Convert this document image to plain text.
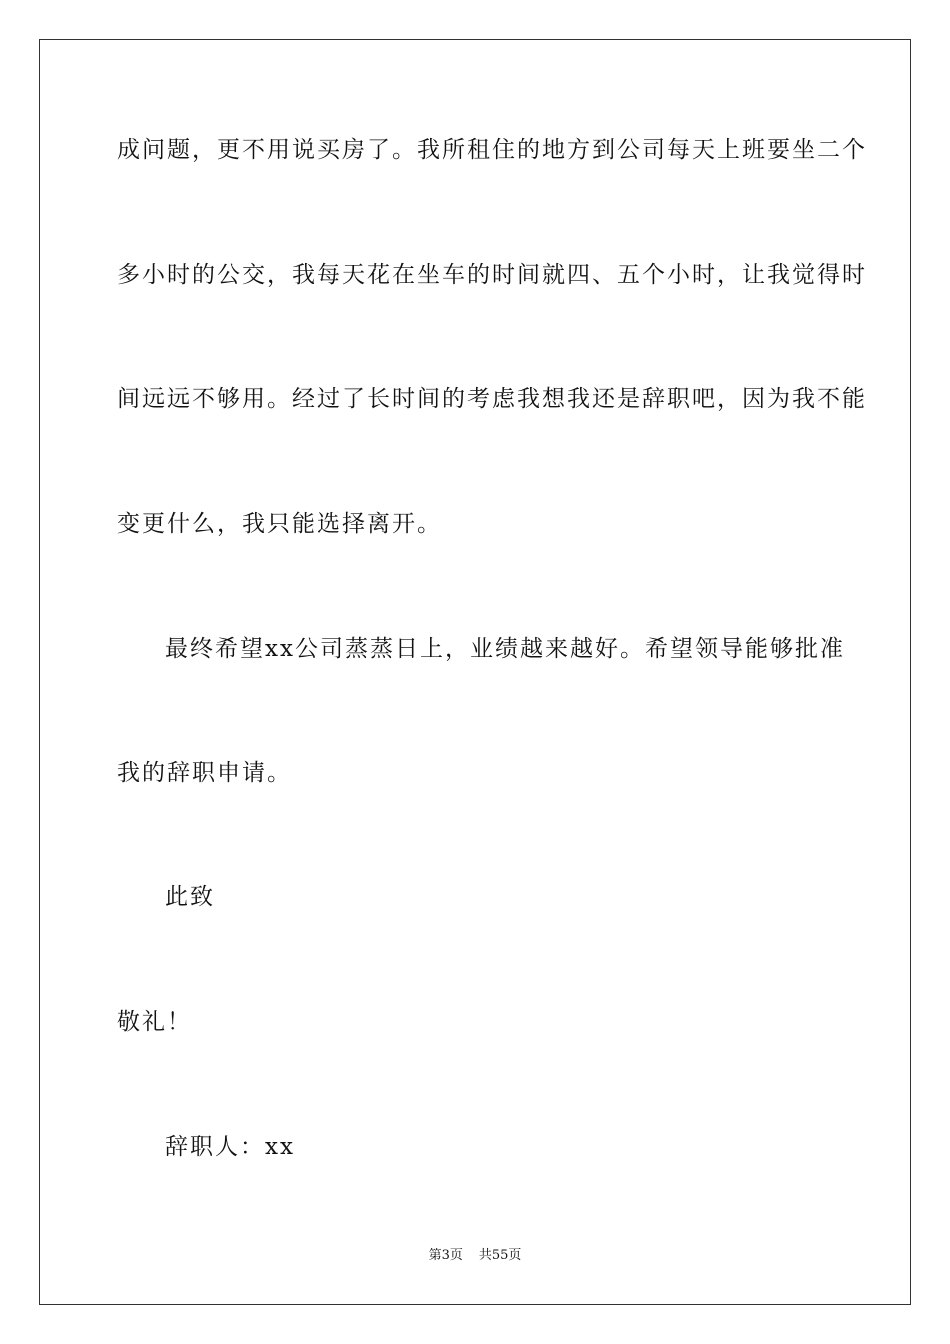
成问题，更不用说买房了。我所租住的地方到公司每天上班要坐二个
多小时的公交，我每天花在坐车的时间就四、五个小时，让我觉得时
间远远不够用。经过了长时间的考虑我想我还是辞职吧，因为我不能
变更什么，我只能选择离开。
最终希望xx公司蒸蒸日上，业绩越来越好。希望领导能够批准
我的辞职申请。
此致
敬礼！
辞职人：xx
第3页 共55页
